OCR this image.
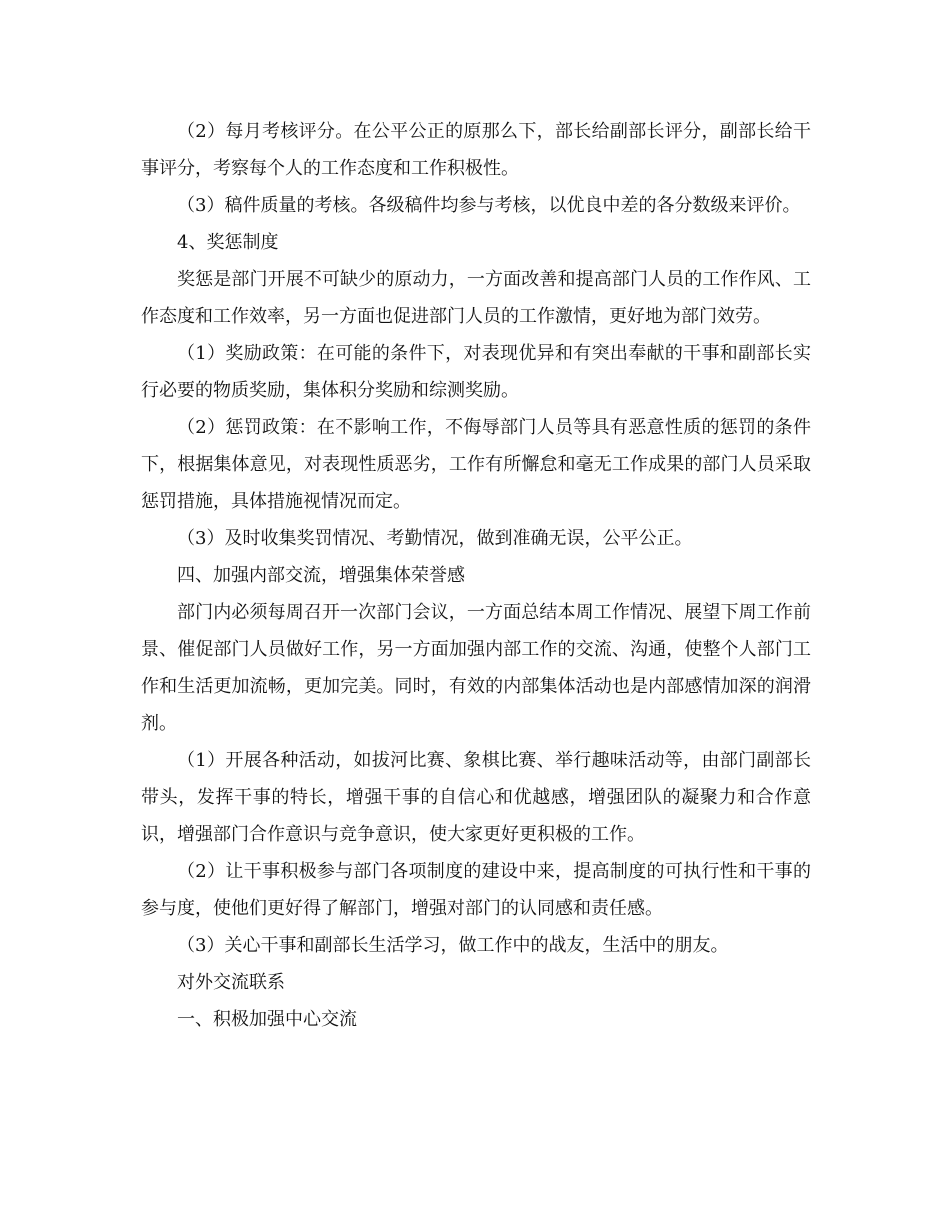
（2）每月考核评分。在公平公正的原那么下，部长给副部长评分，副部长给干事评分，考察每个人的工作态度和工作积极性。

（3）稿件质量的考核。各级稿件均参与考核，以优良中差的各分数级来评价。

4、奖惩制度

奖惩是部门开展不可缺少的原动力，一方面改善和提高部门人员的工作作风、工作态度和工作效率，另一方面也促进部门人员的工作激情，更好地为部门效劳。

（1）奖励政策：在可能的条件下，对表现优异和有突出奉献的干事和副部长实行必要的物质奖励，集体积分奖励和综测奖励。

（2）惩罚政策：在不影响工作，不侮辱部门人员等具有恶意性质的惩罚的条件下，根据集体意见，对表现性质恶劣，工作有所懈怠和毫无工作成果的部门人员采取惩罚措施，具体措施视情况而定。

（3）及时收集奖罚情况、考勤情况，做到准确无误，公平公正。

四、加强内部交流，增强集体荣誉感

部门内必须每周召开一次部门会议，一方面总结本周工作情况、展望下周工作前景、催促部门人员做好工作，另一方面加强内部工作的交流、沟通，使整个人部门工作和生活更加流畅，更加完美。同时，有效的内部集体活动也是内部感情加深的润滑剂。

（1）开展各种活动，如拔河比赛、象棋比赛、举行趣味活动等，由部门副部长带头，发挥干事的特长，增强干事的自信心和优越感，增强团队的凝聚力和合作意识，增强部门合作意识与竞争意识，使大家更好更积极的工作。

（2）让干事积极参与部门各项制度的建设中来，提高制度的可执行性和干事的参与度，使他们更好得了解部门，增强对部门的认同感和责任感。

（3）关心干事和副部长生活学习，做工作中的战友，生活中的朋友。

对外交流联系

一、积极加强中心交流
